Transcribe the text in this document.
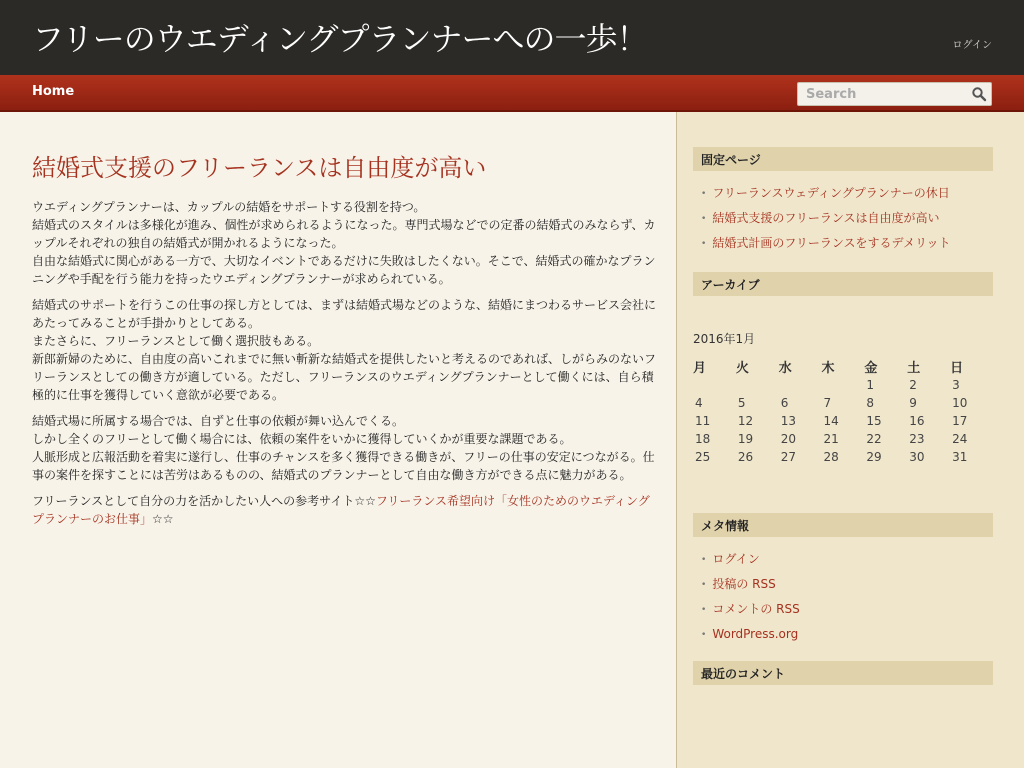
フリーのウエディングプランナーへの一歩！	ログイン
Home
Search
結婚式支援のフリーランスは自由度が高い

ウエディングプランナーは、カップルの結婚をサポートする役割を持つ。
結婚式のスタイルは多様化が進み、個性が求められるようになった。専門式場などでの定番の結婚式のみならず、カップルそれぞれの独自の結婚式が開かれるようになった。
自由な結婚式に関心がある一方で、大切なイベントであるだけに失敗はしたくない。そこで、結婚式の確かなプランニングや手配を行う能力を持ったウエディングプランナーが求められている。

結婚式のサポートを行うこの仕事の探し方としては、まずは結婚式場などのような、結婚にまつわるサービス会社にあたってみることが手掛かりとしてある。
またさらに、フリーランスとして働く選択肢もある。
新郎新婦のために、自由度の高いこれまでに無い斬新な結婚式を提供したいと考えるのであれば、しがらみのないフリーランスとしての働き方が適している。ただし、フリーランスのウエディングプランナーとして働くには、自ら積極的に仕事を獲得していく意欲が必要である。

結婚式場に所属する場合では、自ずと仕事の依頼が舞い込んでくる。
しかし全くのフリーとして働く場合には、依頼の案件をいかに獲得していくかが重要な課題である。
人脈形成と広報活動を着実に遂行し、仕事のチャンスを多く獲得できる働きが、フリーの仕事の安定につながる。仕事の案件を探すことには苦労はあるものの、結婚式のプランナーとして自由な働き方ができる点に魅力がある。

フリーランスとして自分の力を活かしたい人への参考サイト☆☆フリーランス希望向け「女性のためのウエディングプランナーのお仕事」☆☆

固定ページ
• フリーランスウェディングプランナーの休日
• 結婚式支援のフリーランスは自由度が高い
• 結婚式計画のフリーランスをするデメリット
アーカイブ
2016年1月
月	火	水	木	金	土	日
				1	2	3
4	5	6	7	8	9	10
11	12	13	14	15	16	17
18	19	20	21	22	23	24
25	26	27	28	29	30	31
メタ情報
• ログイン
• 投稿の RSS
• コメントの RSS
• WordPress.org
最近のコメント
